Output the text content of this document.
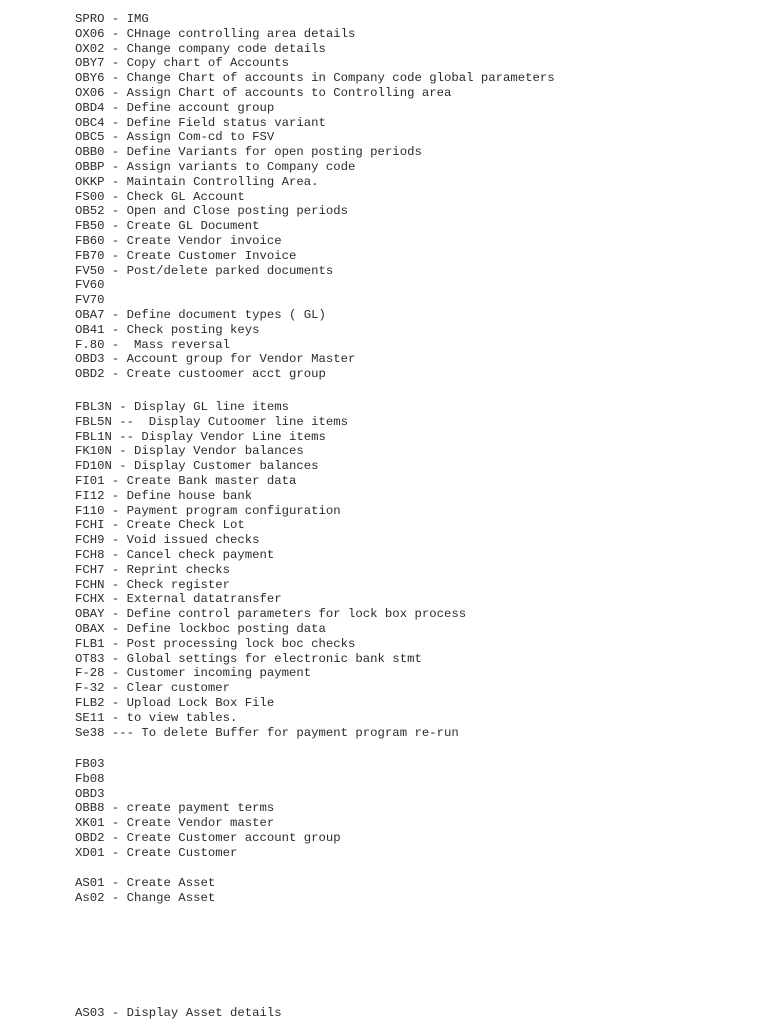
SPRO - IMG
OX06 - CHnage controlling area details
OX02 - Change company code details
OBY7 - Copy chart of Accounts
OBY6 - Change Chart of accounts in Company code global parameters
OX06 - Assign Chart of accounts to Controlling area
OBD4 - Define account group
OBC4 - Define Field status variant
OBC5 - Assign Com-cd to FSV
OBB0 - Define Variants for open posting periods
OBBP - Assign variants to Company code
OKKP - Maintain Controlling Area.
FS00 - Check GL Account
OB52 - Open and Close posting periods
FB50 - Create GL Document
FB60 - Create Vendor invoice
FB70 - Create Customer Invoice
FV50 - Post/delete parked documents
FV60
FV70
OBA7 - Define document types ( GL)
OB41 - Check posting keys
F.80 -  Mass reversal
OBD3 - Account group for Vendor Master
OBD2 - Create custoomer acct group
FBL3N - Display GL line items
FBL5N --  Display Cutoomer line items
FBL1N -- Display Vendor Line items
FK10N - Display Vendor balances
FD10N - Display Customer balances
FI01 - Create Bank master data
FI12 - Define house bank
F110 - Payment program configuration
FCHI - Create Check Lot
FCH9 - Void issued checks
FCH8 - Cancel check payment
FCH7 - Reprint checks
FCHN - Check register
FCHX - External datatransfer
OBAY - Define control parameters for lock box process
OBAX - Define lockboc posting data
FLB1 - Post processing lock boc checks
OT83 - Global settings for electronic bank stmt
F-28 - Customer incoming payment
F-32 - Clear customer
FLB2 - Upload Lock Box File
SE11 - to view tables.
Se38 --- To delete Buffer for payment program re-run
FB03
Fb08
OBD3
OBB8 - create payment terms
XK01 - Create Vendor master
OBD2 - Create Customer account group
XD01 - Create Customer
AS01 - Create Asset
As02 - Change Asset
AS03 - Display Asset details
